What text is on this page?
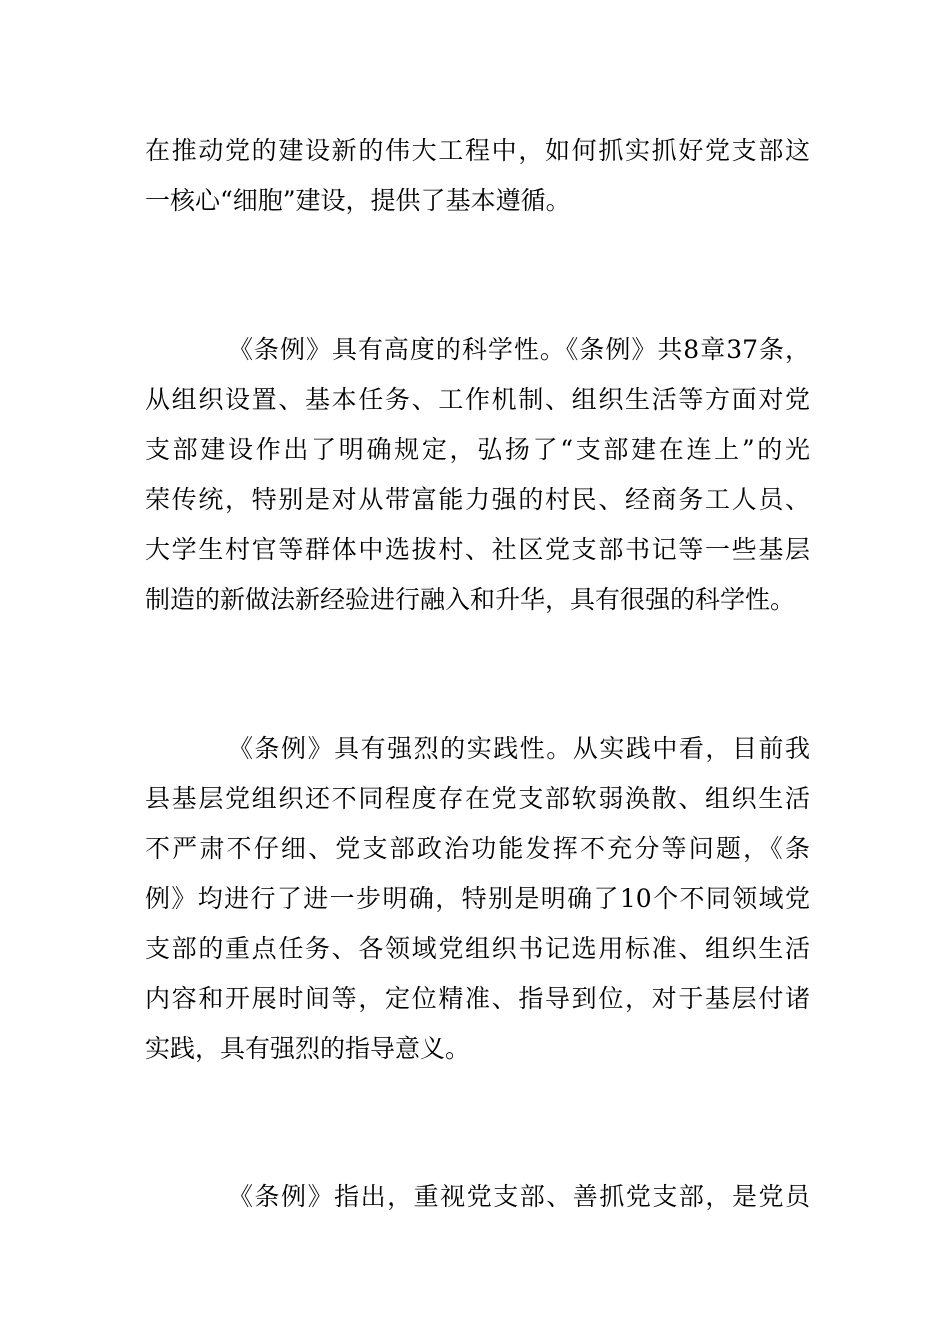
在推动党的建设新的伟大工程中，如何抓实抓好党支部这

一核心“细胞”建设，提供了基本遵循。

《条例》具有高度的科学性。《条例》共8章37条，

从组织设置、基本任务、工作机制、组织生活等方面对党

支部建设作出了明确规定，弘扬了“支部建在连上”的光

荣传统，特别是对从带富能力强的村民、经商务工人员、

大学生村官等群体中选拔村、社区党支部书记等一些基层

制造的新做法新经验进行融入和升华，具有很强的科学性。

《条例》具有强烈的实践性。从实践中看，目前我

县基层党组织还不同程度存在党支部软弱涣散、组织生活

不严肃不仔细、党支部政治功能发挥不充分等问题，《条

例》均进行了进一步明确，特别是明确了10个不同领域党

支部的重点任务、各领域党组织书记选用标准、组织生活

内容和开展时间等，定位精准、指导到位，对于基层付诸

实践，具有强烈的指导意义。

《条例》指出，重视党支部、善抓党支部，是党员
